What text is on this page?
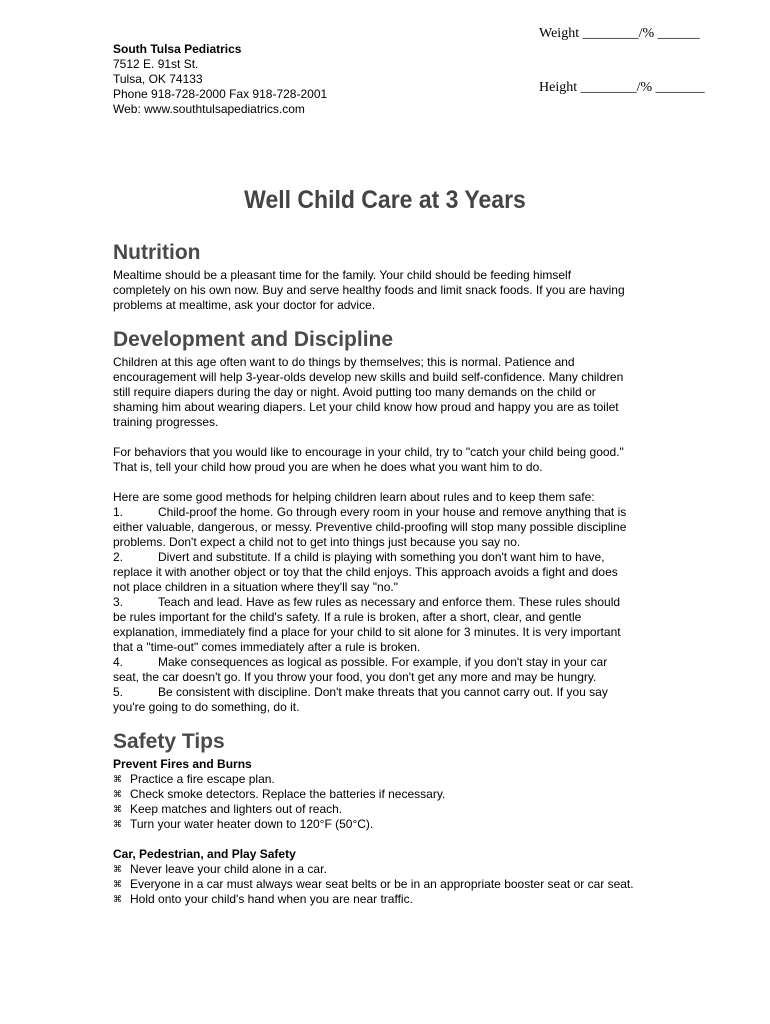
Weight ________/% ______
Height ________/% _______
South Tulsa Pediatrics
7512 E. 91st St.
Tulsa, OK 74133
Phone 918-728-2000 Fax 918-728-2001
Web: www.southtulsapediatrics.com
Well Child Care at 3 Years
Nutrition

Mealtime should be a pleasant time for the family. Your child should be feeding himself
completely on his own now. Buy and serve healthy foods and limit snack foods. If you are having
problems at mealtime, ask your doctor for advice.

Development and Discipline

Children at this age often want to do things by themselves; this is normal. Patience and
encouragement will help 3-year-olds develop new skills and build self-confidence. Many children
still require diapers during the day or night. Avoid putting too many demands on the child or
shaming him about wearing diapers. Let your child know how proud and happy you are as toilet
training progresses.

For behaviors that you would like to encourage in your child, try to "catch your child being good."
That is, tell your child how proud you are when he does what you want him to do.

Here are some good methods for helping children learn about rules and to keep them safe:

1.	Child-proof the home. Go through every room in your house and remove anything that is
either valuable, dangerous, or messy. Preventive child-proofing will stop many possible discipline
problems. Don't expect a child not to get into things just because you say no.
2.	Divert and substitute. If a child is playing with something you don't want him to have,
replace it with another object or toy that the child enjoys. This approach avoids a fight and does
not place children in a situation where they'll say "no."
3.	Teach and lead. Have as few rules as necessary and enforce them. These rules should
be rules important for the child's safety. If a rule is broken, after a short, clear, and gentle
explanation, immediately find a place for your child to sit alone for 3 minutes. It is very important
that a "time-out" comes immediately after a rule is broken.
4.	Make consequences as logical as possible. For example, if you don't stay in your car
seat, the car doesn't go. If you throw your food, you don't get any more and may be hungry.
5.	Be consistent with discipline. Don't make threats that you cannot carry out. If you say
you're going to do something, do it.
Safety Tips

Prevent Fires and Burns

⌘ Practice a fire escape plan.
⌘ Check smoke detectors. Replace the batteries if necessary.
⌘ Keep matches and lighters out of reach.
⌘ Turn your water heater down to 120°F (50°C).

Car, Pedestrian, and Play Safety

⌘ Never leave your child alone in a car.
⌘ Everyone in a car must always wear seat belts or be in an appropriate booster seat or car seat.
⌘ Hold onto your child's hand when you are near traffic.
